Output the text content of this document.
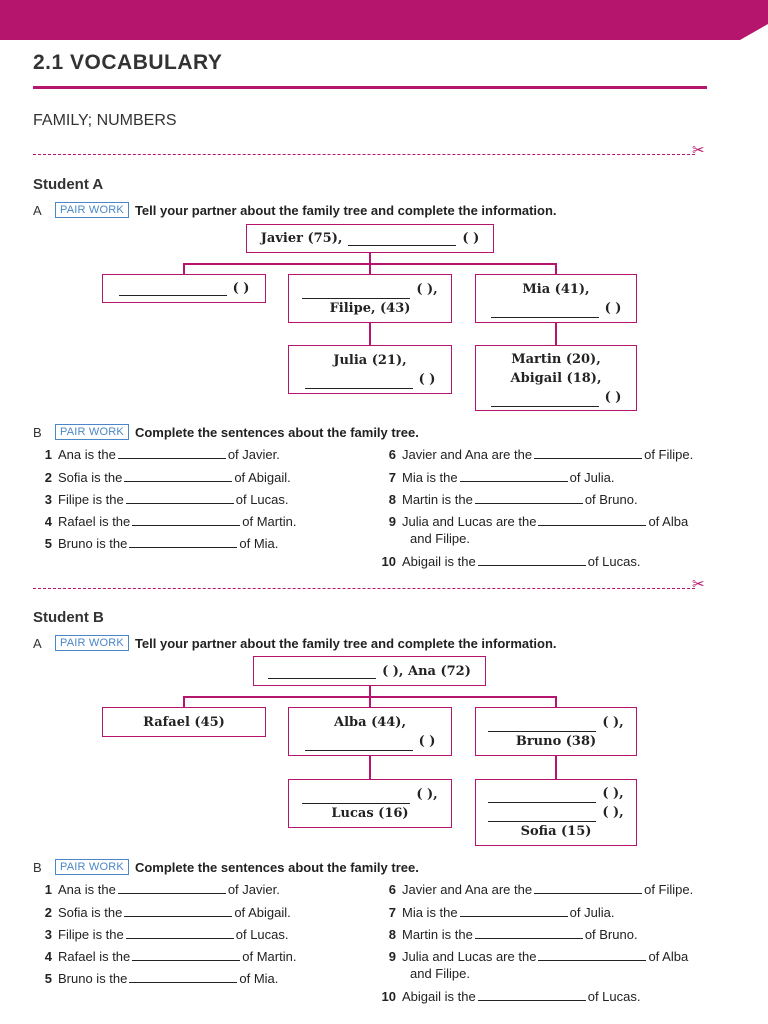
2.1 VOCABULARY
FAMILY; NUMBERS
✂
Student A
A	PAIR WORK Tell your partner about the family tree and complete the information.
Javier (75),	( )
( )	( ),
Filipe, (43)
Mia (41),
( )
Julia (21),
( )
Martin (20),
Abigail (18),
( )
B	PAIR WORK Complete the sentences about the family tree.
1 Ana is the	of Javier.
2 Sofia is the	of Abigail.
3 Filipe is the	of Lucas.
4 Rafael is the	of Martin.
5 Bruno is the	of Mia.
6 Javier and Ana are the	of Filipe.
7 Mia is the	of Julia.
8 Martin is the	of Bruno.
9 Julia and Lucas are the	of Alba
and Filipe.
10 Abigail is the	of Lucas.
✂
Student B
A	PAIR WORK Tell your partner about the family tree and complete the information.
( ), Ana (72)
Rafael (45)	Alba (44),
( )
( ),
Bruno (38)
( ),
Lucas (16)
( ),
( ),
Sofia (15)
B	PAIR WORK Complete the sentences about the family tree.
1 Ana is the	of Javier.
2 Sofia is the	of Abigail.
3 Filipe is the	of Lucas.
4 Rafael is the	of Martin.
5 Bruno is the	of Mia.
6 Javier and Ana are the	of Filipe.
7 Mia is the	of Julia.
8 Martin is the	of Bruno.
9 Julia and Lucas are the	of Alba
and Filipe.
10 Abigail is the	of Lucas.
